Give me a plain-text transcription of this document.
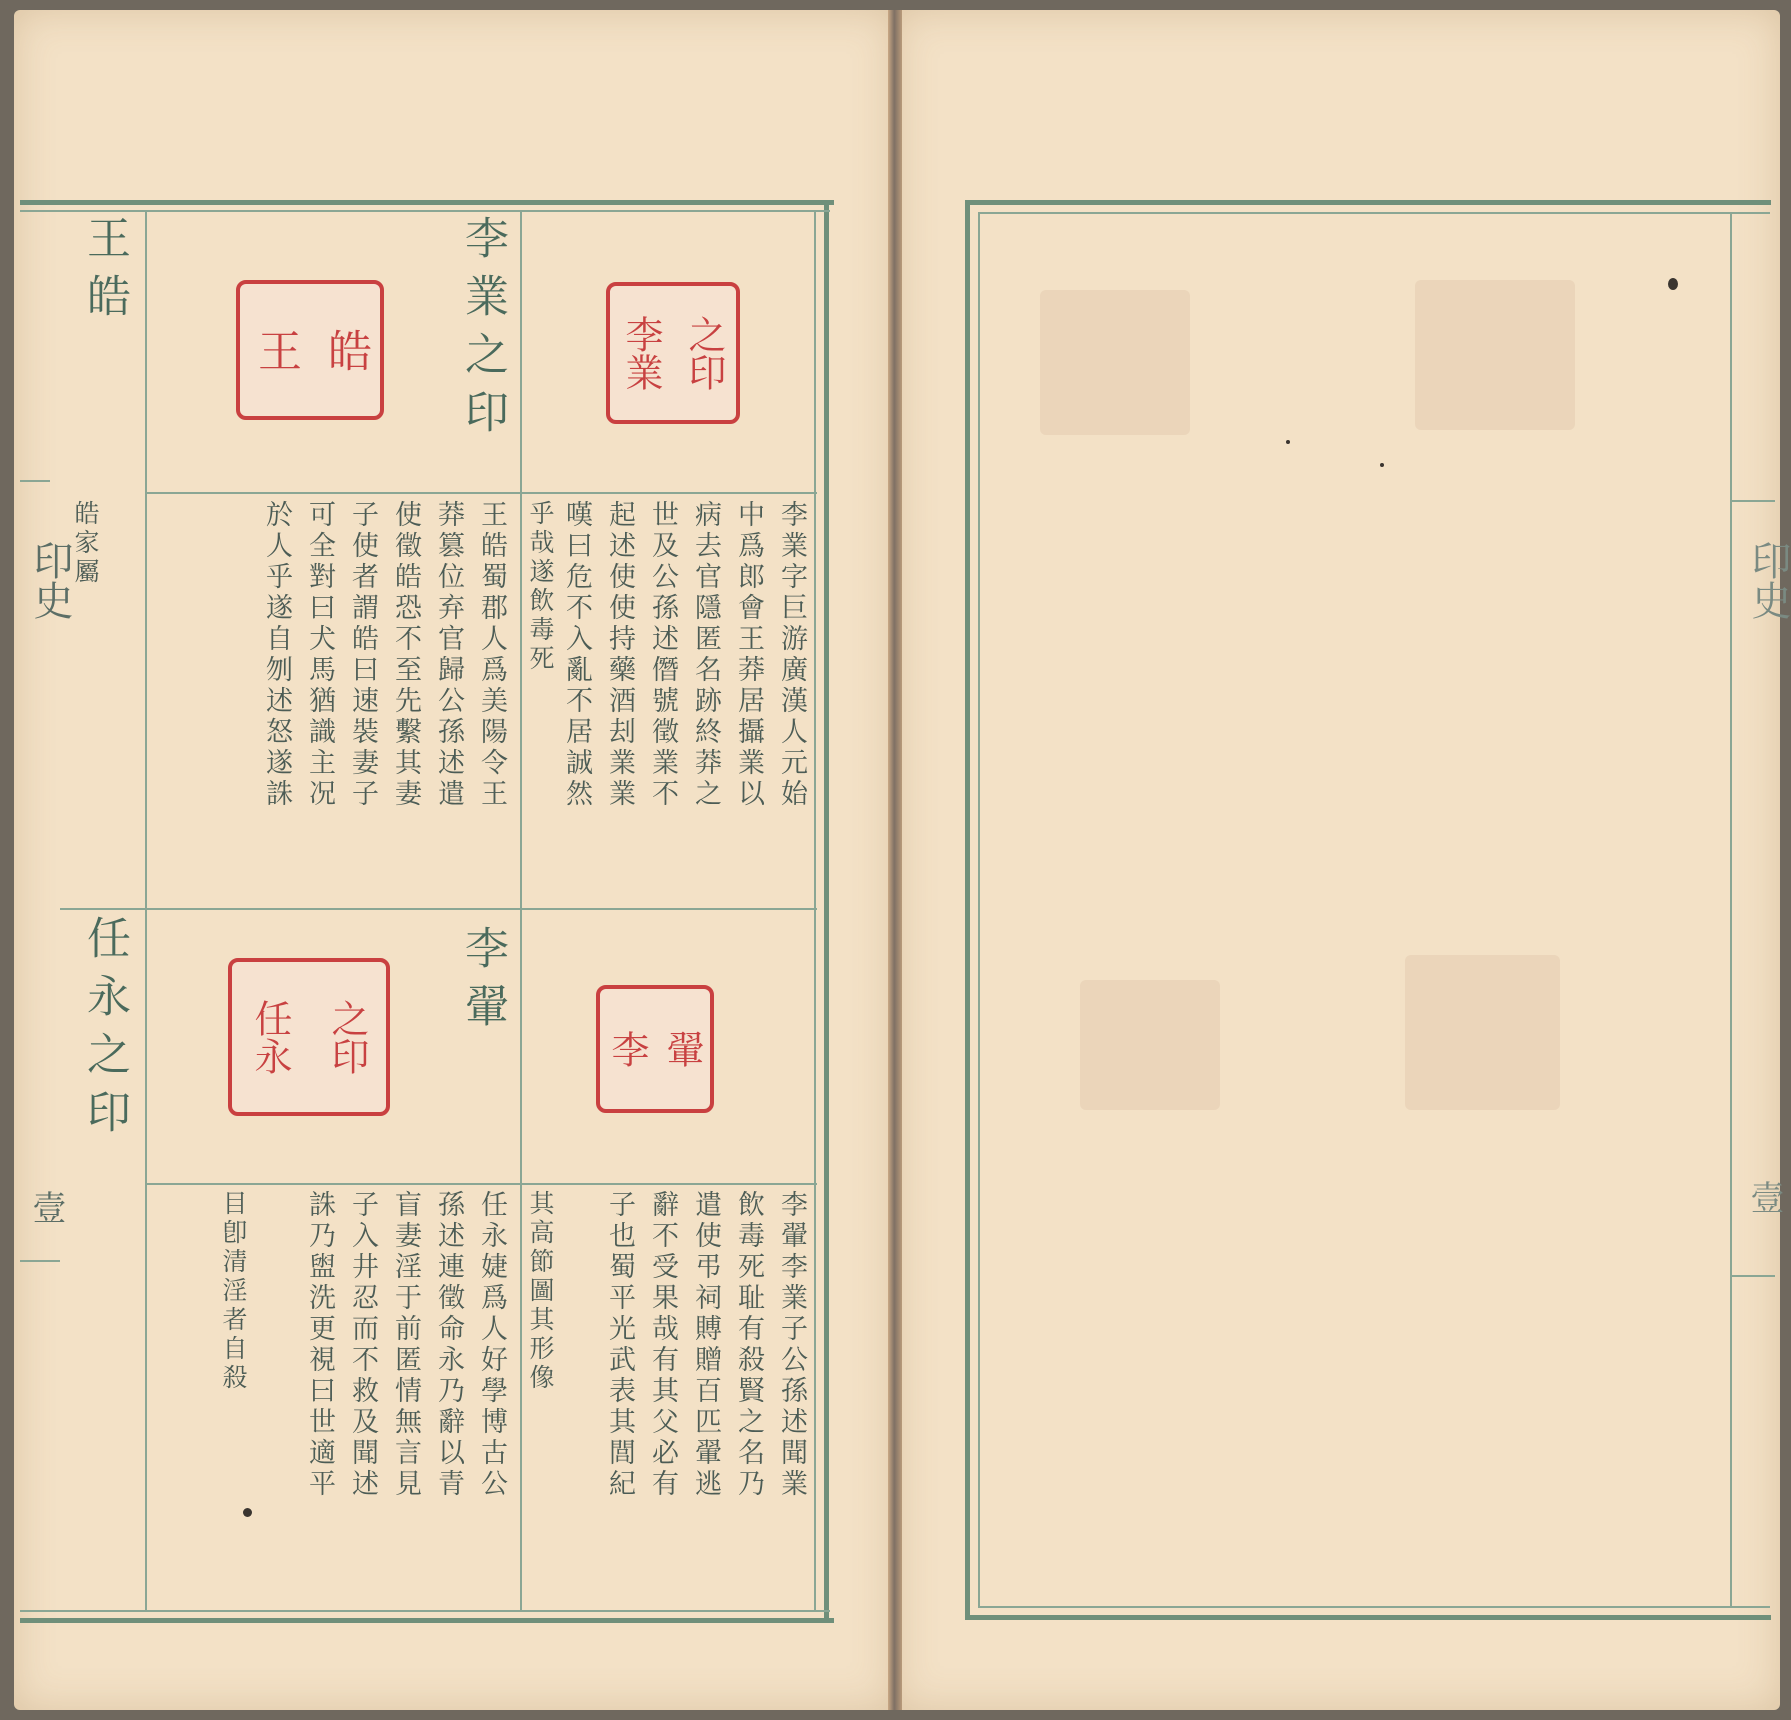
印史
壹
李業之印	李業 之印
李業字巨游廣漢人元始
中爲郎會王莽居攝業以
病去官隱匿名跡終莽之
世及公孫述僭號徵業不
起述使使持藥酒刦業業
嘆曰危不入亂不居誠然
乎哉遂飲毒死
王皓
王 皓
王皓蜀郡人爲美陽令王
莽篡位弃官歸公孫述遣
使徵皓恐不至先繫其妻
子使者謂皓曰速裝妻子
可全對曰犬馬猶識主况
於人乎遂自刎述怒遂誅
皓家屬
李翬
李 翬
李翬李業子公孫述聞業
飲毒死耻有殺賢之名乃
遣使弔祠賻贈百匹翬逃
辭不受果哉有其父必有
子也蜀平光武表其閭紀
其高節圖其形像
任永之印	任永 之印
任永婕爲人好學博古公
孫述連徵命永乃辭以青
盲妻淫于前匿情無言見
子入井忍而不救及聞述
誅乃盥洗更視曰世適平
目卽清淫者自殺
印史
壹
